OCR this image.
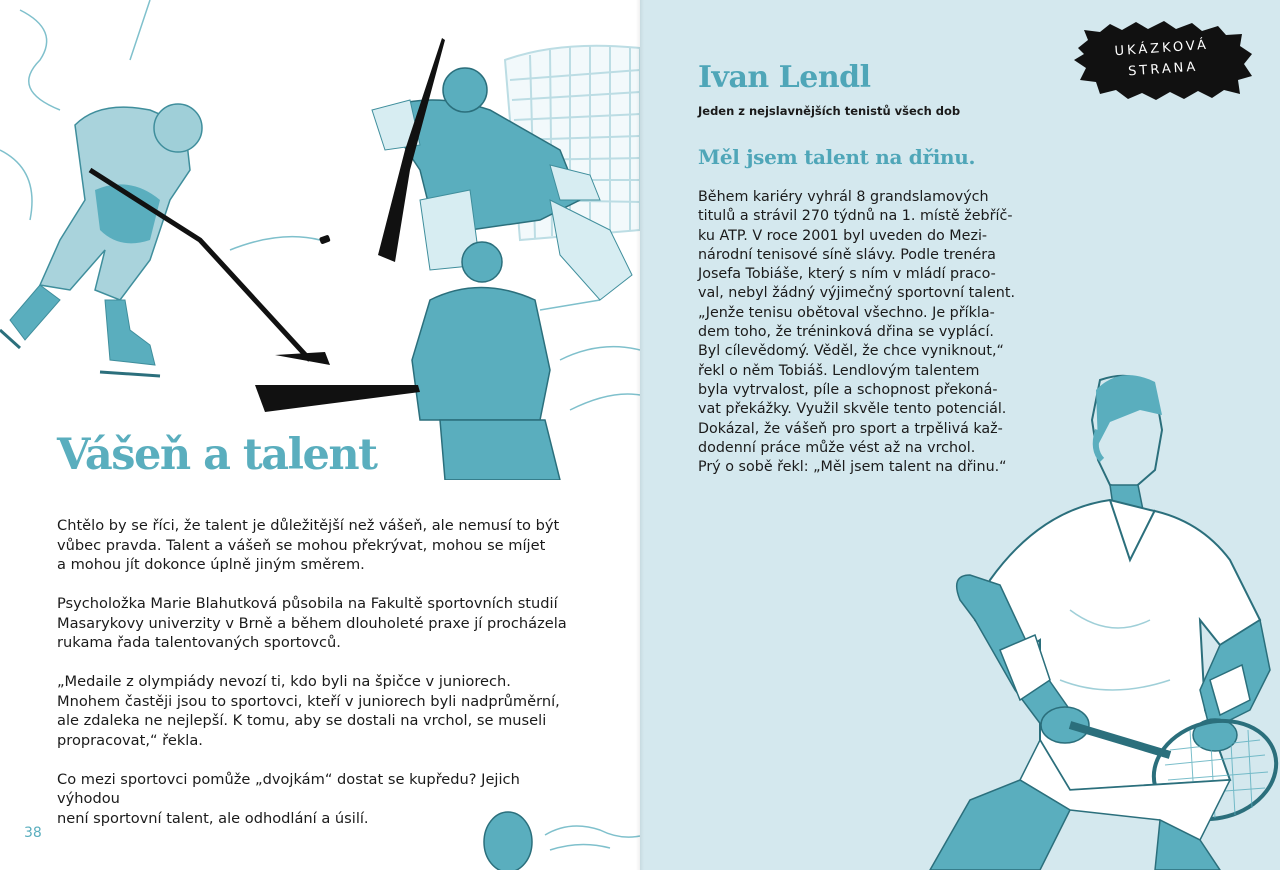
Vášeň a talent

Chtělo by se říci, že talent je důležitější než vášeň, ale nemusí to být
vůbec pravda. Talent a vášeň se mohou překrývat, mohou se míjet
a mohou jít dokonce úplně jiným směrem.

Psycholožka Marie Blahutková působila na Fakultě sportovních studií
Masarykovy univerzity v Brně a během dlouholeté praxe jí procházela
rukama řada talentovaných sportovců.

„Medaile z olympiády nevozí ti, kdo byli na špičce v juniorech.
Mnohem častěji jsou to sportovci, kteří v juniorech byli nadprůměrní,
ale zdaleka ne nejlepší. K tomu, aby se dostali na vrchol, se museli
propracovat,“ řekla.

Co mezi sportovci pomůže „dvojkám“ dostat se kupředu? Jejich výhodou
není sportovní talent, ale odhodlání a úsilí.

38
Ivan Lendl
Jeden z nejslavnějších tenistů všech dob
Měl jsem talent na dřinu.
Během kariéry vyhrál 8 grandslamových
titulů a strávil 270 týdnů na 1. místě žebříč-
ku ATP. V roce 2001 byl uveden do Mezi-
národní tenisové síně slávy. Podle trenéra
Josefa Tobiáše, který s ním v mládí praco-
val, nebyl žádný výjimečný sportovní talent.
„Jenže tenisu obětoval všechno. Je příkla-
dem toho, že tréninková dřina se vyplácí.
Byl cílevědomý. Věděl, že chce vyniknout,“
řekl o něm Tobiáš. Lendlovým talentem
byla vytrvalost, píle a schopnost překoná-
vat překážky. Využil skvěle tento potenciál.
Dokázal, že vášeň pro sport a trpělivá kaž-
dodenní práce může vést až na vrchol.
Prý o sobě řekl: „Měl jsem talent na dřinu.“
UKÁZKOVÁ
STRANA
